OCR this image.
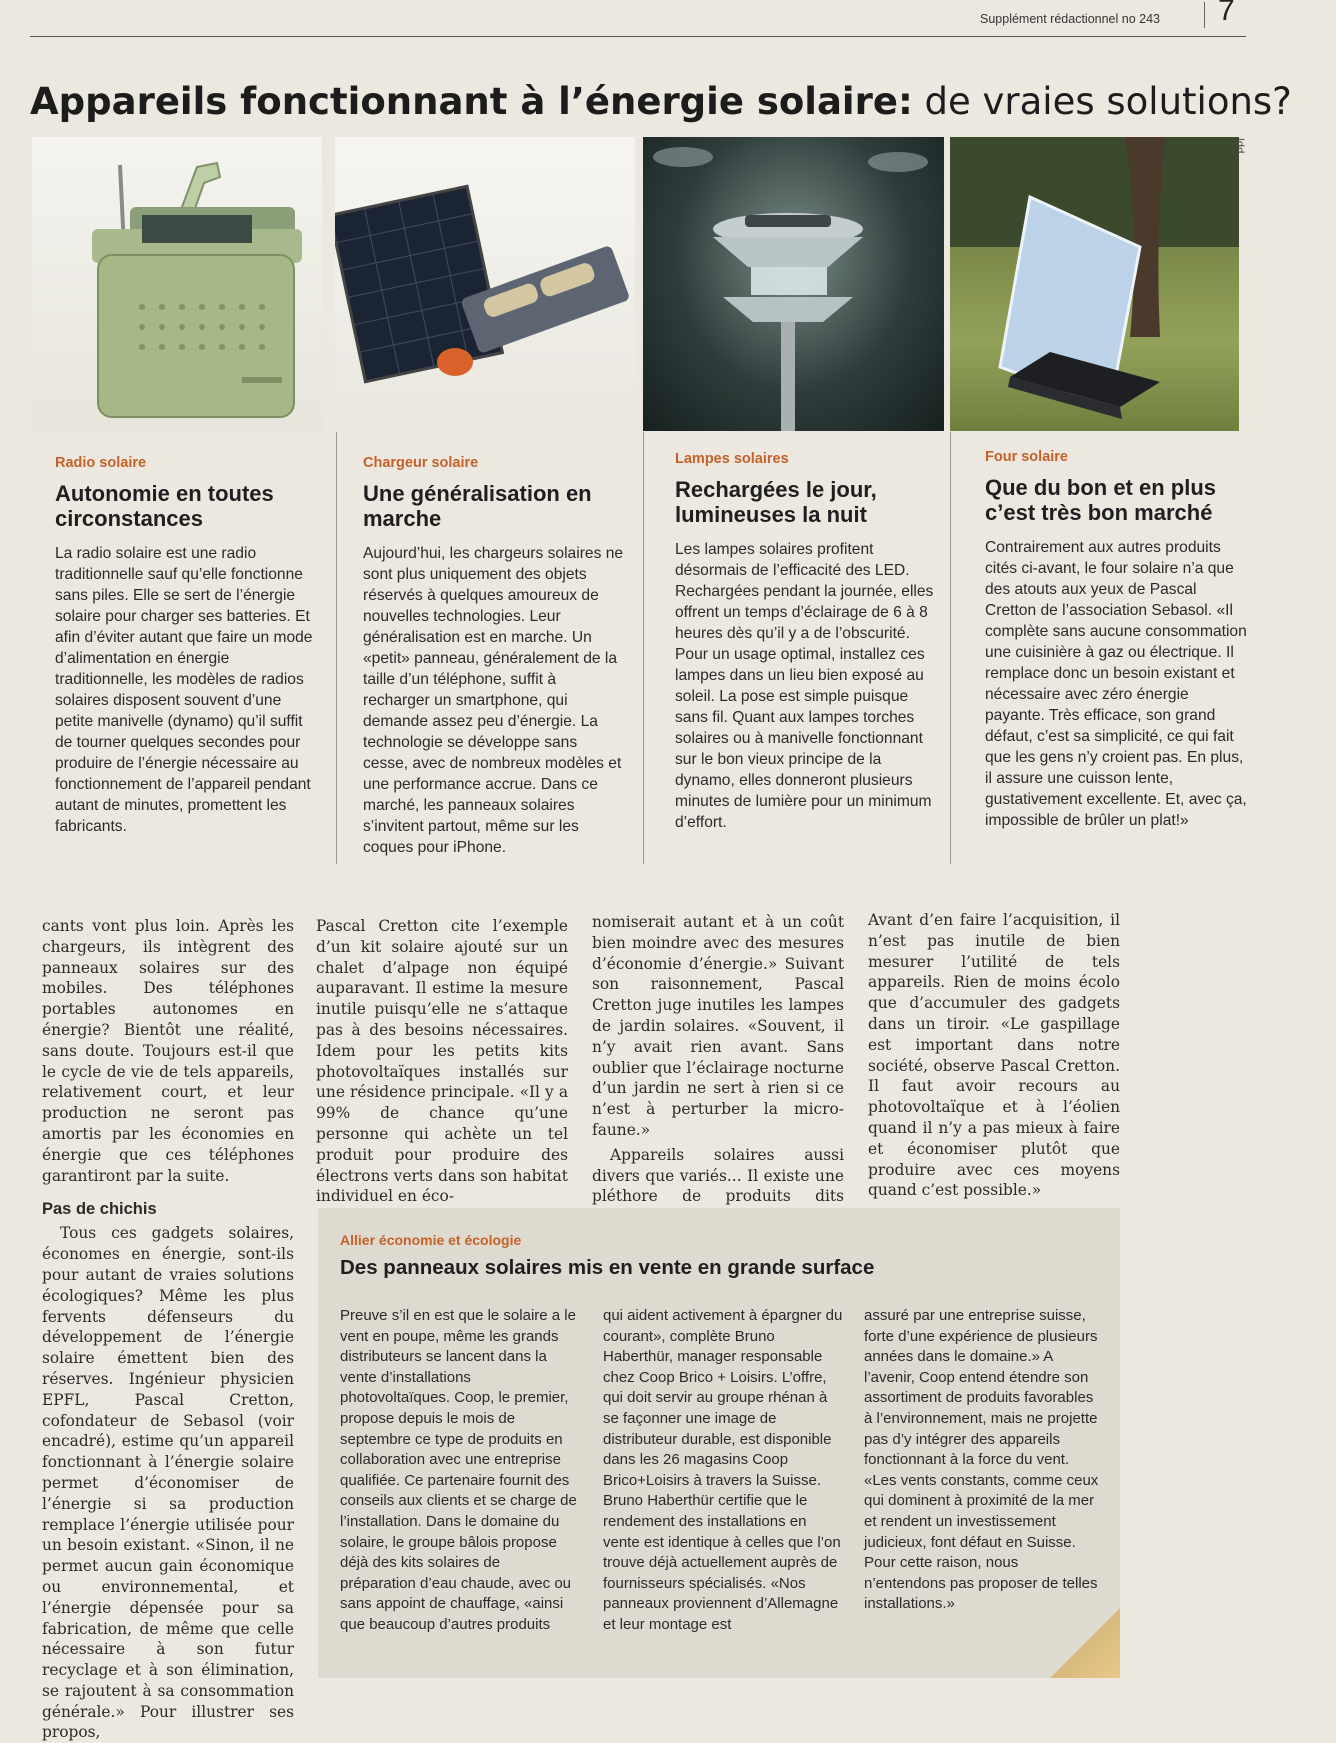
Supplément rédactionnel no 243	7
Appareils fonctionnant à l’énergie solaire: de vraies solutions?
ldd

Radio solaire

Autonomie en toutes circonstances

La radio solaire est une radio traditionnelle sauf qu’elle fonctionne sans piles. Elle se sert de l’énergie solaire pour charger ses batteries. Et afin d’éviter autant que faire un mode d’alimentation en énergie traditionnelle, les modèles de radios solaires disposent souvent d’une petite manivelle (dynamo) qu’il suffit de tourner quelques secondes pour produire de l’énergie nécessaire au fonctionnement de l’appareil pendant autant de minutes, promettent les fabricants.

Chargeur solaire

Une généralisation en marche

Aujourd’hui, les chargeurs solaires ne sont plus uniquement des objets réservés à quelques amoureux de nouvelles technologies. Leur généralisation est en marche. Un «petit» panneau, généralement de la taille d’un téléphone, suffit à recharger un smartphone, qui demande assez peu d’énergie. La technologie se développe sans cesse, avec de nombreux modèles et une performance accrue. Dans ce marché, les panneaux solaires s’invitent partout, même sur les coques pour iPhone.

Lampes solaires

Rechargées le jour, lumineuses la nuit

Les lampes solaires profitent désormais de l’efficacité des LED. Rechargées pendant la journée, elles offrent un temps d’éclairage de 6 à 8 heures dès qu’il y a de l’obscurité. Pour un usage optimal, installez ces lampes dans un lieu bien exposé au soleil. La pose est simple puisque sans fil. Quant aux lampes torches solaires ou à manivelle fonctionnant sur le bon vieux principe de la dynamo, elles donneront plusieurs minutes de lumière pour un minimum d’effort.

Four solaire

Que du bon et en plus c’est très bon marché

Contrairement aux autres produits cités ci-avant, le four solaire n’a que des atouts aux yeux de Pascal Cretton de l’association Sebasol. «Il complète sans aucune consommation une cuisinière à gaz ou électrique. Il remplace donc un besoin existant et nécessaire avec zéro énergie payante. Très efficace, son grand défaut, c’est sa simplicité, ce qui fait que les gens n’y croient pas. En plus, il assure une cuisson lente, gustativement excellente. Et, avec ça, impossible de brûler un plat!»

cants vont plus loin. Après les chargeurs, ils intègrent des panneaux solaires sur des mobiles. Des téléphones portables autonomes en énergie? Bientôt une réalité, sans doute. Toujours est-il que le cycle de vie de tels appareils, relativement court, et leur production ne seront pas amortis par les économies en énergie que ces téléphones garantiront par la suite.

Pas de chichis

Tous ces gadgets solaires, économes en énergie, sont-ils pour autant de vraies solutions écologiques? Même les plus fervents défenseurs du développement de l’énergie solaire émettent bien des réserves. Ingénieur physicien EPFL, Pascal Cretton, cofondateur de Sebasol (voir encadré), estime qu’un appareil fonctionnant à l’énergie solaire permet d’économiser de l’énergie si sa production remplace l’énergie utilisée pour un besoin existant. «Sinon, il ne permet aucun gain économique ou environnemental, et l’énergie dépensée pour sa fabrication, de même que celle nécessaire à son futur recyclage et à son élimination, se rajoutent à sa consommation générale.» Pour illustrer ses propos,

Pascal Cretton cite l’exemple d’un kit solaire ajouté sur un chalet d’alpage non équipé auparavant. Il estime la mesure inutile puisqu’elle ne s’attaque pas à des besoins nécessaires. Idem pour les petits kits photovoltaïques installés sur une résidence principale. «Il y a 99% de chance qu’une personne qui achète un tel produit pour produire des électrons verts dans son habitat individuel en éco-

nomiserait autant et à un coût bien moindre avec des mesures d’économie d’énergie.» Suivant son raisonnement, Pascal Cretton juge inutiles les lampes de jardin solaires. «Souvent, il n’y avait rien avant. Sans oublier que l’éclairage nocturne d’un jardin ne sert à rien si ce n’est à perturber la micro-faune.»

Appareils solaires aussi divers que variés... Il existe une pléthore de produits dits

Avant d’en faire l’acquisition, il n’est pas inutile de bien mesurer l’utilité de tels appareils. Rien de moins écolo que d’accumuler des gadgets dans un tiroir. «Le gaspillage est important dans notre société, observe Pascal Cretton. Il faut avoir recours au photovoltaïque et à l’éolien quand il n’y a pas mieux à faire et économiser plutôt que produire avec ces moyens quand c’est possible.»

Allier économie et écologie
Des panneaux solaires mis en vente en grande surface

Preuve s’il en est que le solaire a le vent en poupe, même les grands distributeurs se lancent dans la vente d’installations photovoltaïques. Coop, le premier, propose depuis le mois de septembre ce type de produits en collaboration avec une entreprise qualifiée. Ce partenaire fournit des conseils aux clients et se charge de l’installation. Dans le domaine du solaire, le groupe bâlois propose déjà des kits solaires de préparation d’eau chaude, avec ou sans appoint de chauffage, «ainsi que beaucoup d’autres produits

qui aident activement à épargner du courant», complète Bruno Haberthür, manager responsable chez Coop Brico + Loisirs. L’offre, qui doit servir au groupe rhénan à se façonner une image de distributeur durable, est disponible dans les 26 magasins Coop Brico+Loisirs à travers la Suisse. Bruno Haberthür certifie que le rendement des installations en vente est identique à celles que l’on trouve déjà actuellement auprès de fournisseurs spécialisés. «Nos panneaux proviennent d’Allemagne et leur montage est

assuré par une entreprise suisse, forte d’une expérience de plusieurs années dans le domaine.» A l’avenir, Coop entend étendre son assortiment de produits favorables à l’environnement, mais ne projette pas d’y intégrer des appareils fonctionnant à la force du vent. «Les vents constants, comme ceux qui dominent à proximité de la mer et rendent un investissement judicieux, font défaut en Suisse. Pour cette raison, nous n’entendons pas proposer de telles installations.»
